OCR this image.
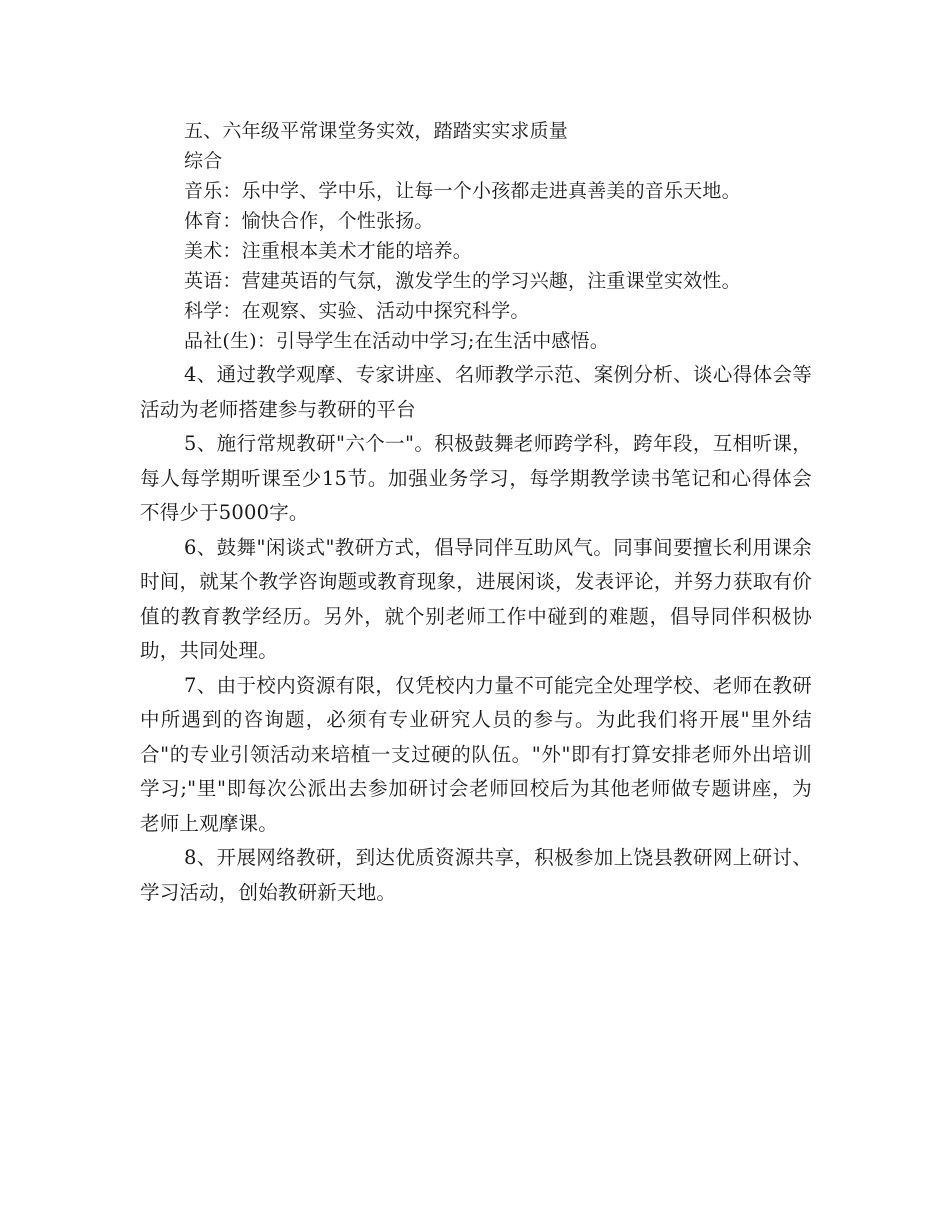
五、六年级平常课堂务实效，踏踏实实求质量

综合

音乐：乐中学、学中乐，让每一个小孩都走进真善美的音乐天地。

体育：愉快合作，个性张扬。

美术：注重根本美术才能的培养。

英语：营建英语的气氛，激发学生的学习兴趣，注重课堂实效性。

科学：在观察、实验、活动中探究科学。

品社(生)：引导学生在活动中学习;在生活中感悟。

4、通过教学观摩、专家讲座、名师教学示范、案例分析、谈心得体会等活动为老师搭建参与教研的平台

5、施行常规教研"六个一"。积极鼓舞老师跨学科，跨年段，互相听课，每人每学期听课至少15节。加强业务学习，每学期教学读书笔记和心得体会不得少于5000字。

6、鼓舞"闲谈式"教研方式，倡导同伴互助风气。同事间要擅长利用课余时间，就某个教学咨询题或教育现象，进展闲谈，发表评论，并努力获取有价值的教育教学经历。另外，就个别老师工作中碰到的难题，倡导同伴积极协助，共同处理。

7、由于校内资源有限，仅凭校内力量不可能完全处理学校、老师在教研中所遇到的咨询题，必须有专业研究人员的参与。为此我们将开展"里外结合"的专业引领活动来培植一支过硬的队伍。"外"即有打算安排老师外出培训学习;"里"即每次公派出去参加研讨会老师回校后为其他老师做专题讲座，为老师上观摩课。

8、开展网络教研，到达优质资源共享，积极参加上饶县教研网上研讨、学习活动，创始教研新天地。
